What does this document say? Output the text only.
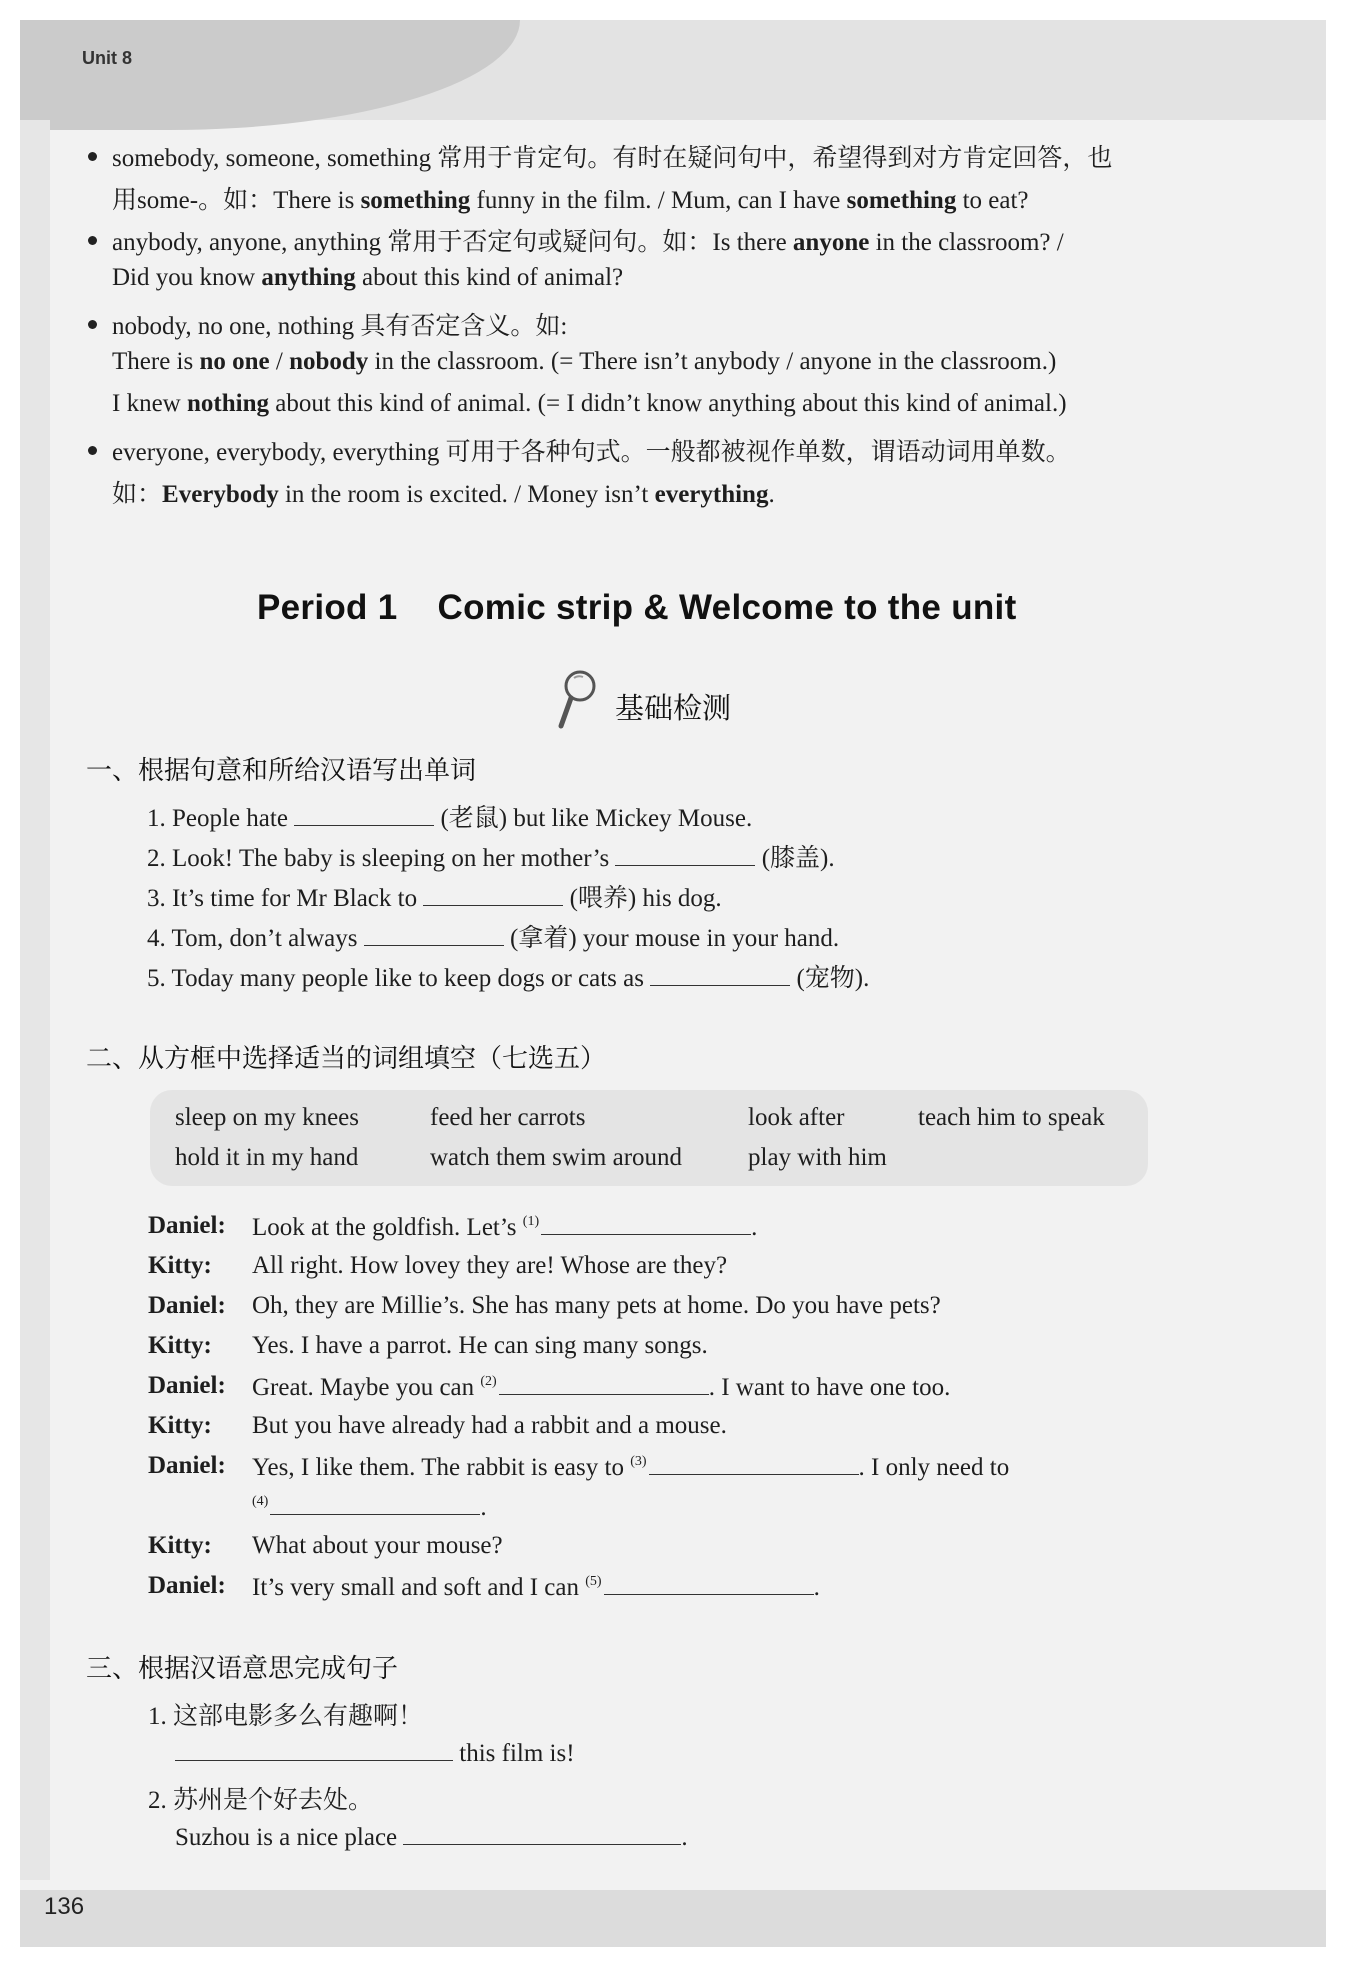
Unit 8
136
somebody, someone, something 常用于肯定句。有时在疑问句中，希望得到对方肯定回答，也
用some-。如：There is something funny in the film. / Mum, can I have something to eat?
anybody, anyone, anything 常用于否定句或疑问句。如：Is there anyone in the classroom? /
Did you know anything about this kind of animal?
nobody, no one, nothing 具有否定含义。如:
There is no one / nobody in the classroom. (= There isn’t anybody / anyone in the classroom.)
I knew nothing about this kind of animal. (= I didn’t know anything about this kind of animal.)
everyone, everybody, everything 可用于各种句式。一般都被视作单数，谓语动词用单数。
如：Everybody in the room is excited. / Money isn’t everything.
Period 1 Comic strip & Welcome to the unit
基础检测
一、根据句意和所给汉语写出单词
1. People hate	(老鼠) but like Mickey Mouse.
2. Look! The baby is sleeping on her mother’s	(膝盖).
3. It’s time for Mr Black to	(喂养) his dog.
4. Tom, don’t always	(拿着) your mouse in your hand.
5. Today many people like to keep dogs or cats as	(宠物).
二、从方框中选择适当的词组填空（七选五）
sleep on my knees	feed her carrots	look after	teach him to speak
hold it in my hand	watch them swim around	play with him
Daniel: Look at the goldfish. Let’s $^{(1)}$	.
Kitty: All right. How lovey they are! Whose are they?
Daniel: Oh, they are Millie’s. She has many pets at home. Do you have pets?
Kitty: Yes. I have a parrot. He can sing many songs.
Daniel: Great. Maybe you can $^{(2)}$	. I want to have one too.
Kitty: But you have already had a rabbit and a mouse.
Daniel: Yes, I like them. The rabbit is easy to $^{(3)}$	. I only need to
$^{(4)}$	.
Kitty: What about your mouse?
Daniel: It’s very small and soft and I can $^{(5)}$	.
三、根据汉语意思完成句子
1. 这部电影多么有趣啊！
this film is!
2. 苏州是个好去处。
Suzhou is a nice place	.
